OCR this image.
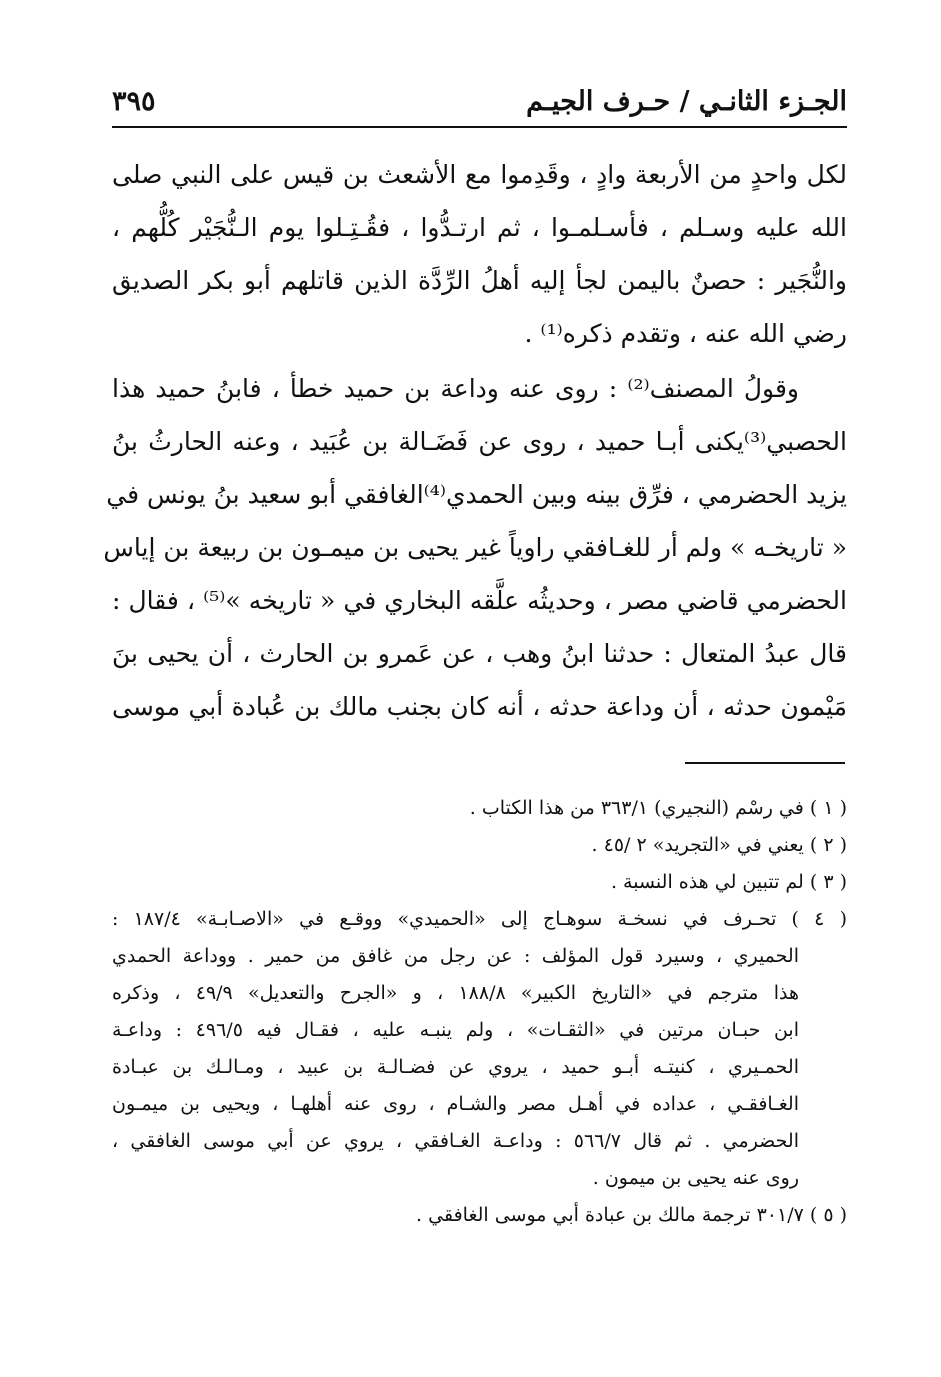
الجـزء الثانـي / حـرف الجيـم
٣٩٥
لكل واحدٍ من الأربعة وادٍ ، وقَدِموا مع الأشعث بن قيس على النبي صلى
الله عليه وسـلم ، فأسـلمـوا ، ثم ارتـدُّوا ، فقُـتِـلوا يوم الـنُّجَيْر كُلُّهم ،
والنُّجَير : حصنٌ باليمن لجأ إليه أهلُ الرِّدَّة الذين قاتلهم أبو بكر الصديق
رضي الله عنه ، وتقدم ذكره⁽¹⁾ .
وقولُ المصنف⁽²⁾ : روى عنه وداعة بن حميد خطأ ، فابنُ حميد هذا
الحصبي⁽³⁾يكنى أبـا حميد ، روى عن فَضَـالة بن عُبَيد ، وعنه الحارثُ بنُ
يزيد الحضرمي ، فرِّق بينه وبين الحمدي⁽⁴⁾الغافقي أبو سعيد بنُ يونس في
« تاريخـه » ولم أر للغـافقي راوياً غير يحيى بن ميمـون بن ربيعة بن إياس
الحضرمي قاضي مصر ، وحديثُه علَّقه البخاري في « تاريخه »⁽⁵⁾ ، فقال :
قال عبدُ المتعال : حدثنا ابنُ وهب ، عن عَمرو بن الحارث ، أن يحيى بنَ
مَيْمون حدثه ، أن وداعة حدثه ، أنه كان بجنب مالك بن عُبادة أبي موسى
( ١ ) في رسْم (النجيري) ٣٦٣/١ من هذا الكتاب .
( ٢ ) يعني في «التجريد» ٢ /٤٥ .
( ٣ ) لم تتبين لي هذه النسبة .
( ٤ ) تحـرف في نسخـة سوهـاج إلى «الحميدي» ووقـع في «الاصـابـة» ١٨٧/٤ :
الحميري ، وسيرد قول المؤلف : عن رجل من غافق من حمير . ووداعة الحمدي
هذا مترجم في «التاريخ الكبير» ١٨٨/٨ ، و «الجرح والتعديل» ٤٩/٩ ، وذكره
ابن حبـان مرتين في «الثقـات» ، ولم ينبـه عليه ، فقـال فيه ٤٩٦/٥ : وداعـة
الحمـيري ، كنيتـه أبـو حميد ، يروي عن فضـالـة بن عبيد ، ومـالـك بن عبـادة
الغـافقـي ، عداده في أهـل مصر والشـام ، روى عنه أهلهـا ، ويحيى بن ميمـون
الحضرمي . ثم قال ٥٦٦/٧ : وداعـة الغـافقي ، يروي عن أبي موسى الغافقي ،
روى عنه يحيى بن ميمون .
( ٥ ) ٣٠١/٧ ترجمة مالك بن عبادة أبي موسى الغافقي .
